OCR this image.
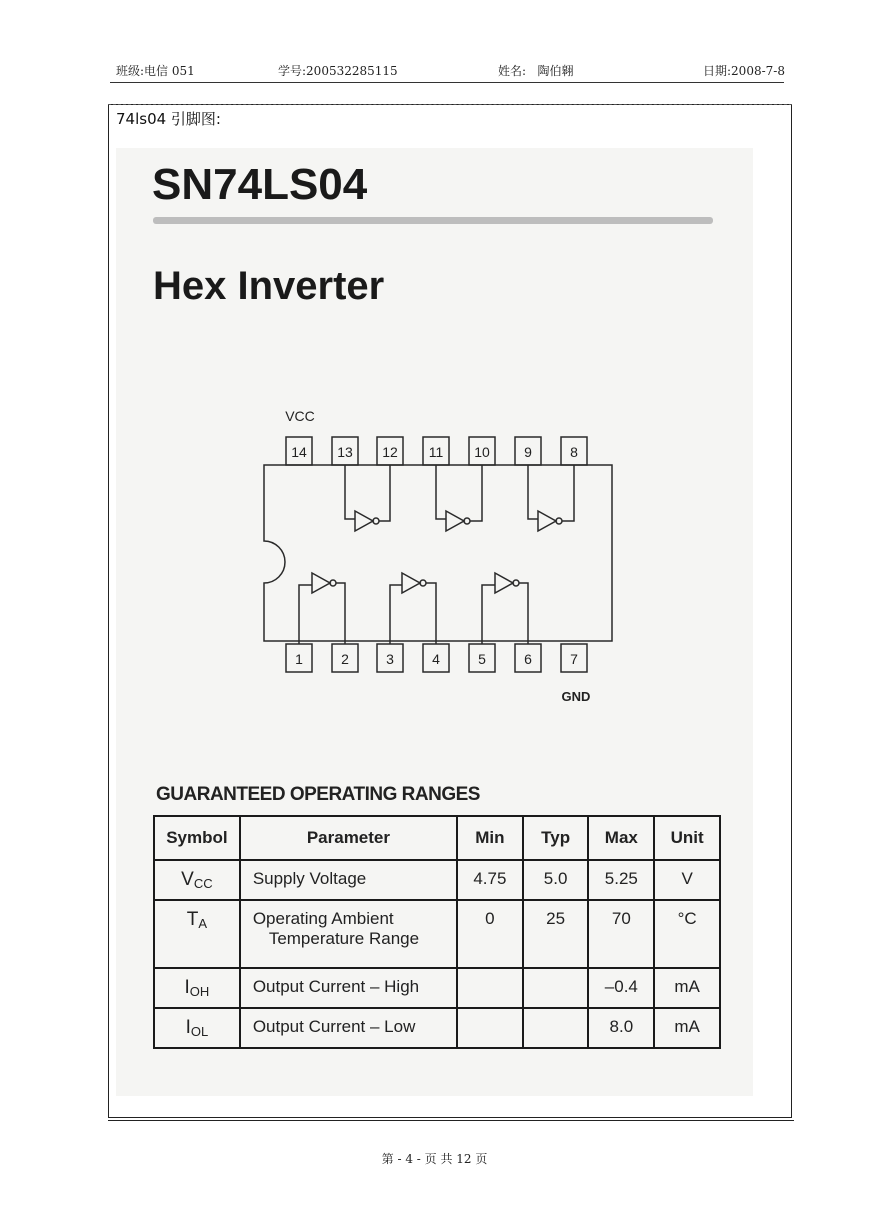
班级:电信 051	学号:200532285115	姓名:   陶伯翱	日期:2008-7-8
74ls04 引脚图:
SN74LS04
Hex Inverter
14 13 12 11 10 9	8
1	2	3	4	5	6	7
VCC
GND
GUARANTEED OPERATING RANGES
Symbol	Parameter	Min	Typ	Max	Unit
$V_{CC}$	Supply Voltage	4.75	5.0	5.25	V
$T_A$	Operating Ambient
Temperature Range	0	25	70	°C
$I_{OH}$	Output Current – High			–0.4	mA
$I_{OL}$	Output Current – Low			8.0	mA
第 - 4 - 页 共 12 页
